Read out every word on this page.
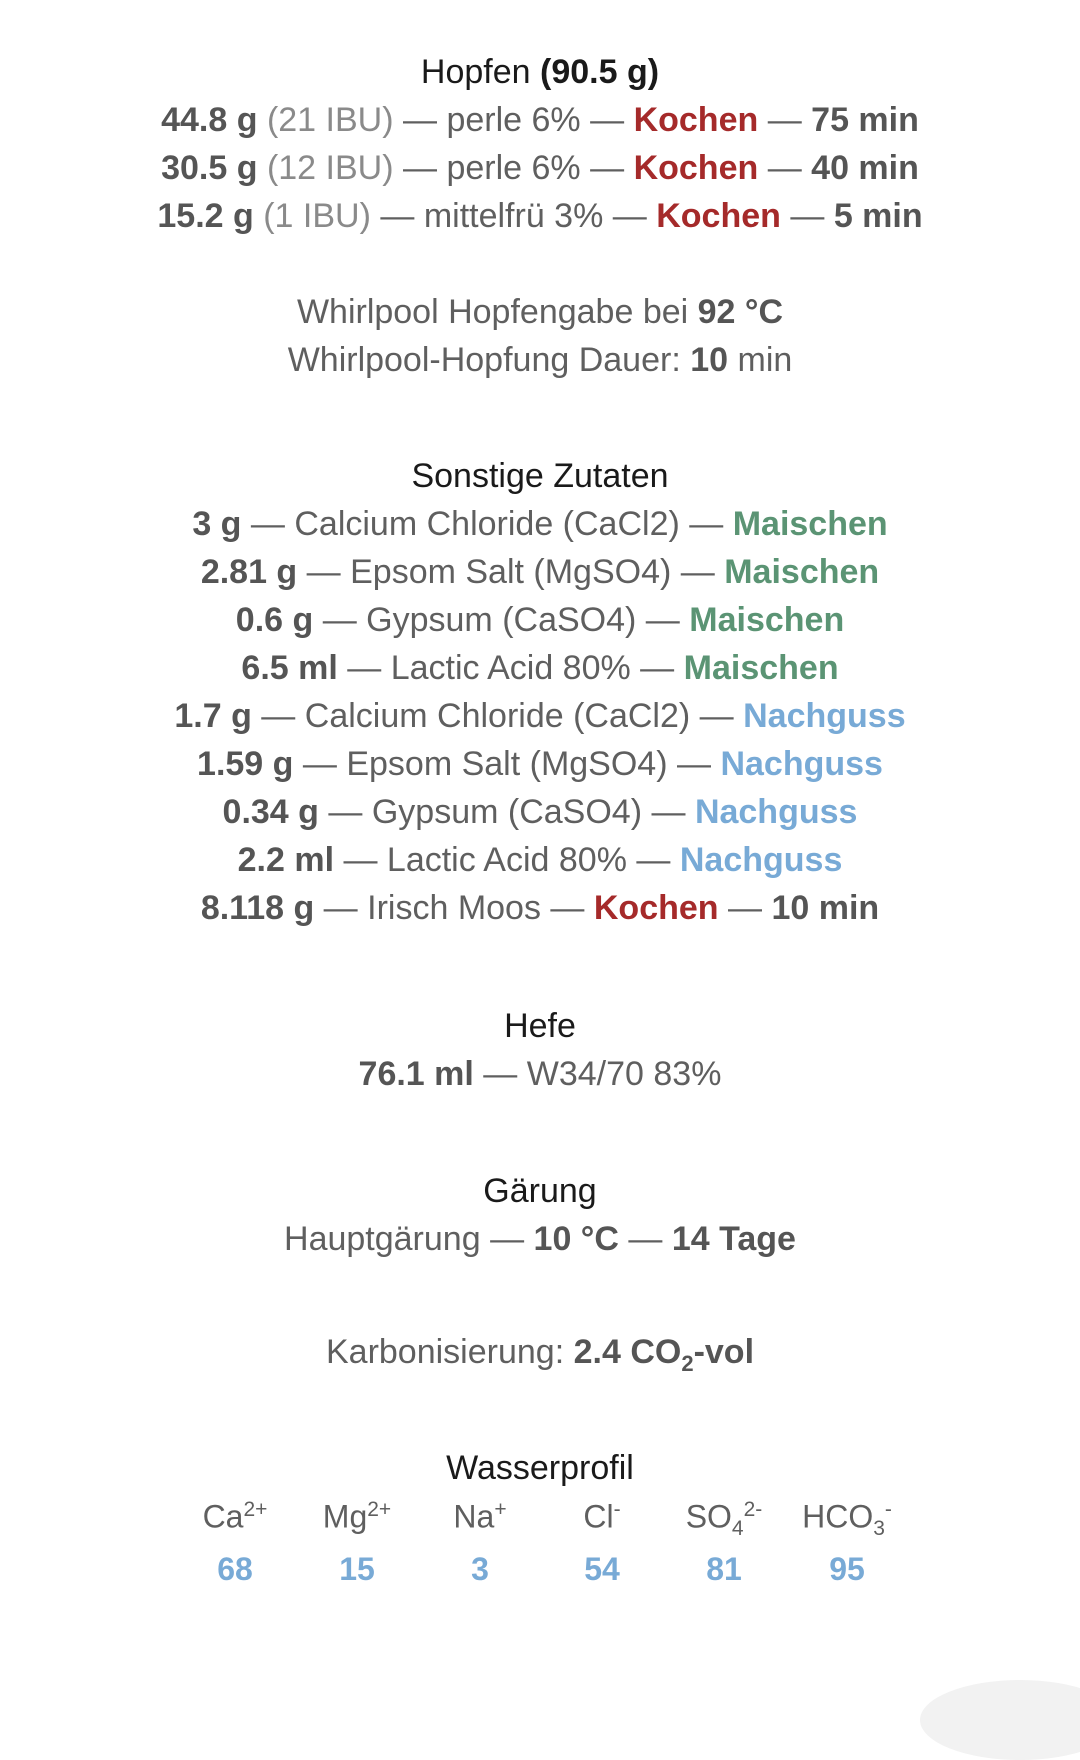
Hopfen (90.5 g)
44.8 g (21 IBU) — perle 6% — Kochen — 75 min
30.5 g (12 IBU) — perle 6% — Kochen — 40 min
15.2 g (1 IBU) — mittelfrü 3% — Kochen — 5 min
Whirlpool Hopfengabe bei 92 °C
Whirlpool-Hopfung Dauer: 10 min
Sonstige Zutaten
3 g — Calcium Chloride (CaCl2) — Maischen
2.81 g — Epsom Salt (MgSO4) — Maischen
0.6 g — Gypsum (CaSO4) — Maischen
6.5 ml — Lactic Acid 80% — Maischen
1.7 g — Calcium Chloride (CaCl2) — Nachguss
1.59 g — Epsom Salt (MgSO4) — Nachguss
0.34 g — Gypsum (CaSO4) — Nachguss
2.2 ml — Lactic Acid 80% — Nachguss
8.118 g — Irisch Moos — Kochen — 10 min
Hefe
76.1 ml — W34/70 83%
Gärung
Hauptgärung — 10 °C — 14 Tage
Karbonisierung: 2.4 $CO_2$-vol
Wasserprofil
$Ca^{2+}$
68
$Mg^{2+}$
15
Na+
3
Cl-
54
$SO_4^{2-}$
81
$HCO_3^-$
95
